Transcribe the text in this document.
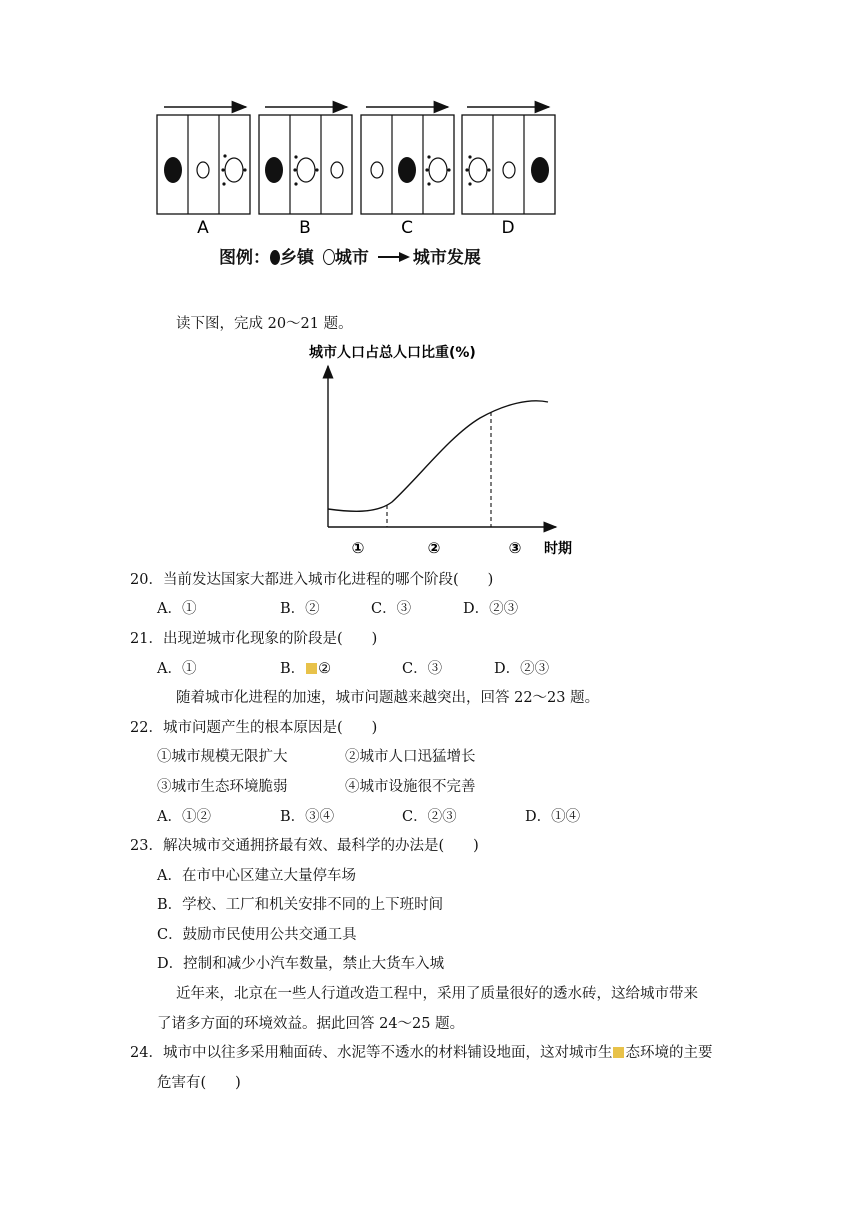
A	B	C	D
图例： 乡镇 城市	城市发展
读下图，完成 20～21 题。
城市人口占总人口比重(%)
①	②	③ 时期
20．当前发达国家大都进入城市化进程的哪个阶段(　　)
A．①	B．②	C．③	D．②③
21．出现逆城市化现象的阶段是(　　)
A．①	B． ②	C．③	D．②③
随着城市化进程的加速，城市问题越来越突出，回答 22～23 题。
22．城市问题产生的根本原因是(　　)
①城市规模无限扩大	②城市人口迅猛增长
③城市生态环境脆弱	④城市设施很不完善
A．①②	B．③④	C．②③	D．①④
23．解决城市交通拥挤最有效、最科学的办法是(　　)
A．在市中心区建立大量停车场
B．学校、工厂和机关安排不同的上下班时间
C．鼓励市民使用公共交通工具
D．控制和减少小汽车数量，禁止大货车入城
近年来，北京在一些人行道改造工程中，采用了质量很好的透水砖，这给城市带来
了诸多方面的环境效益。据此回答 24～25 题。
24．城市中以往多采用釉面砖、水泥等不透水的材料铺设地面，这对城市生 态环境的主要
危害有(　　)
